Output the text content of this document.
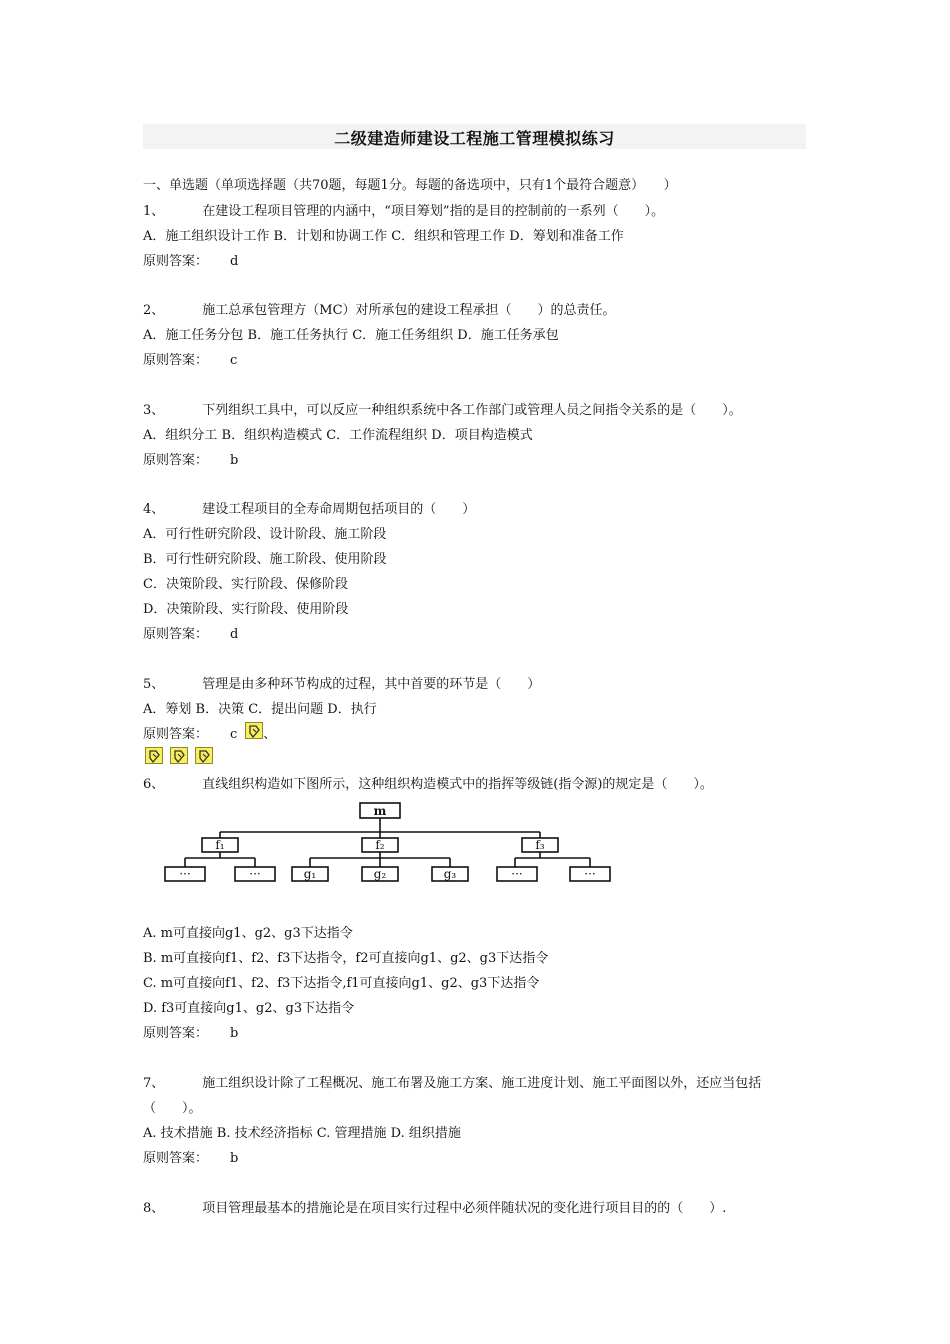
二级建造师建设工程施工管理模拟练习
一、单选题（单项选择题（共70题，每题1分。每题的备选项中，只有1个最符合题意）　　）
1、	在建设工程项目管理的内涵中，“项目筹划”指的是目的控制前的一系列（　　）。
A．施工组织设计工作 B．计划和协调工作 C．组织和管理工作 D．筹划和准备工作
原则答案： d
2、	施工总承包管理方（MC）对所承包的建设工程承担（　　）的总责任。
A．施工任务分包 B．施工任务执行 C．施工任务组织 D．施工任务承包
原则答案： c
3、	下列组织工具中，可以反应一种组织系统中各工作部门或管理人员之间指令关系的是（　　）。
A．组织分工 B．组织构造模式 C．工作流程组织 D．项目构造模式
原则答案： b
4、	建设工程项目的全寿命周期包括项目的（　　）
A．可行性研究阶段、设计阶段、施工阶段
B．可行性研究阶段、施工阶段、使用阶段
C．决策阶段、实行阶段、保修阶段
D．决策阶段、实行阶段、使用阶段
原则答案： d
5、	管理是由多种环节构成的过程，其中首要的环节是（　　）
A．筹划 B．决策 C．提出问题 D．执行
原则答案： c 、
6、	直线组织构造如下图所示，这种组织构造模式中的指挥等级链(指令源)的规定是（　　）。
m
f₁	f₂	f₃
···	···	g₁	g₂	g₃	···	···
A. m可直接向g1、g2、g3下达指令
B. m可直接向f1、f2、f3下达指令，f2可直接向g1、g2、g3下达指令
C. m可直接向f1、f2、f3下达指令,f1可直接向g1、g2、g3下达指令
D. f3可直接向g1、g2、g3下达指令
原则答案： b
7、	施工组织设计除了工程概况、施工布署及施工方案、施工进度计划、施工平面图以外，还应当包括
（　　）。
A. 技术措施 B. 技术经济指标 C. 管理措施 D. 组织措施
原则答案： b
8、	项目管理最基本的措施论是在项目实行过程中必须伴随状况的变化进行项目目的的（　　）.
